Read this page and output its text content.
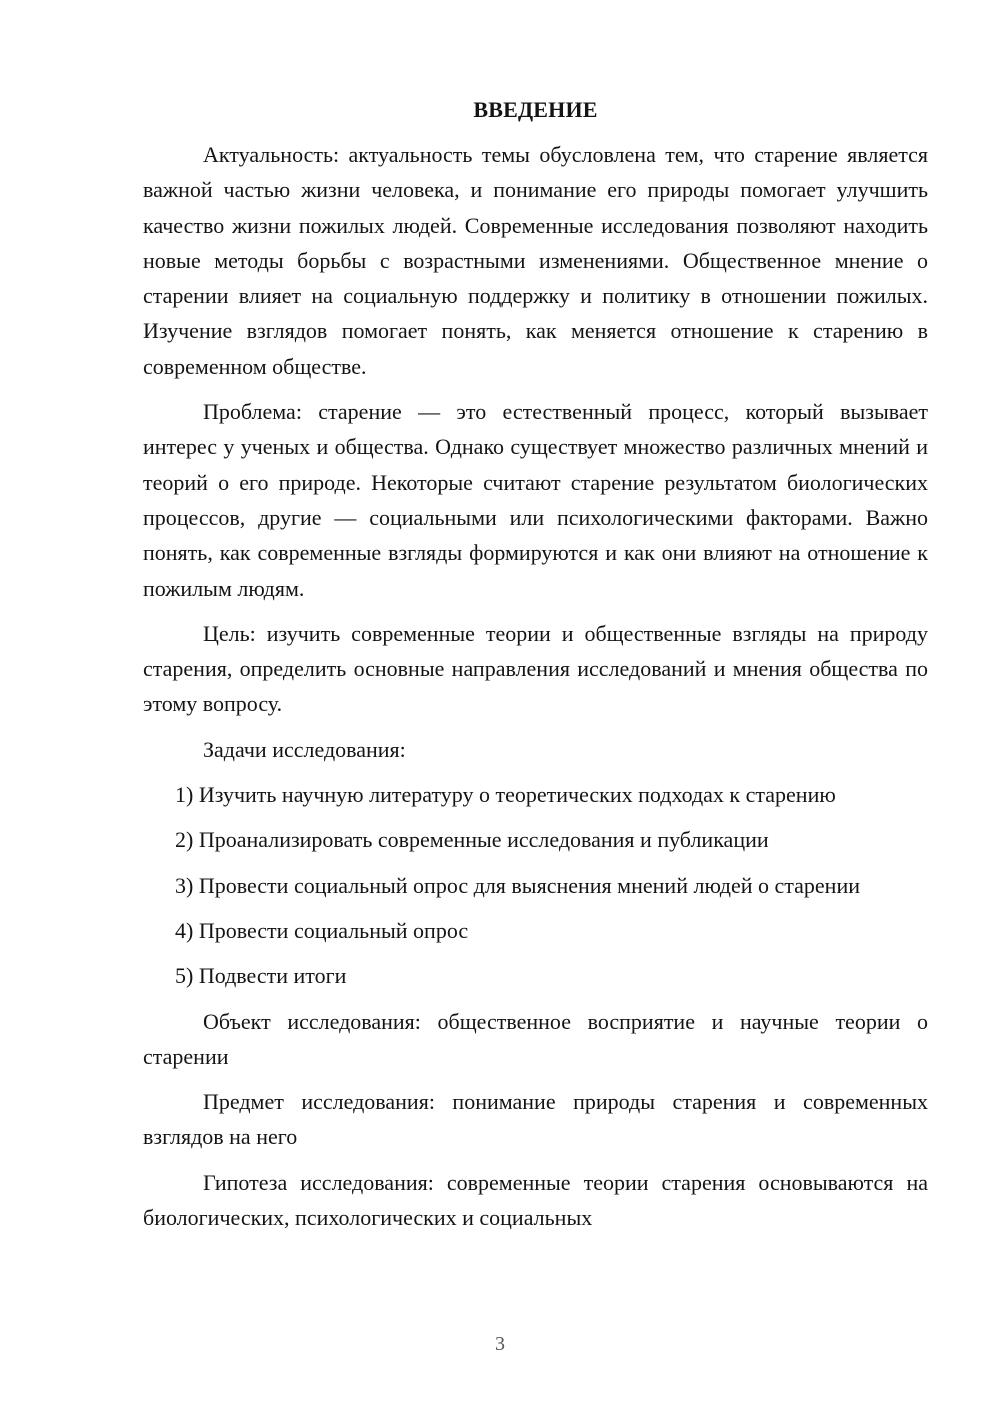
ВВЕДЕНИЕ

Актуальность: актуальность темы обусловлена тем, что старение является важной частью жизни человека, и понимание его природы помогает улучшить качество жизни пожилых людей. Современные исследования позволяют находить новые методы борьбы с возрастными изменениями. Общественное мнение о старении влияет на социальную поддержку и политику в отношении пожилых. Изучение взглядов помогает понять, как меняется отношение к старению в современном обществе.

Проблема: старение — это естественный процесс, который вызывает интерес у ученых и общества. Однако существует множество различных мнений и теорий о его природе. Некоторые считают старение результатом биологических процессов, другие — социальными или психологическими факторами. Важно понять, как современные взгляды формируются и как они влияют на отношение к пожилым людям.

Цель: изучить современные теории и общественные взгляды на природу старения, определить основные направления исследований и мнения общества по этому вопросу.

Задачи исследования:

1) Изучить научную литературу о теоретических подходах к старению

2) Проанализировать современные исследования и публикации

3) Провести социальный опрос для выяснения мнений людей о старении

4) Провести социальный опрос

5) Подвести итоги

Объект исследования: общественное восприятие и научные теории о старении

Предмет исследования: понимание природы старения и современных взглядов на него

Гипотеза исследования: современные теории старения основываются на биологических, психологических и социальных

3
